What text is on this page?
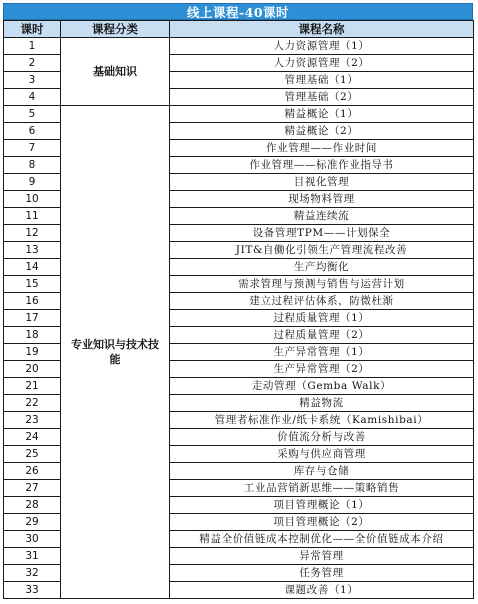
线上课程-40课时
课时	课程分类	课程名称
1	基础知识	人力资源管理（1）
2		人力资源管理（2）
3		管理基础（1）
4		管理基础（2）
5	专业知识与技术技能	精益概论（1）
6		精益概论（2）
7		作业管理——作业时间
8		作业管理——标准作业指导书
9		目视化管理
10		现场物料管理
11		精益连续流
12		设备管理TPM——计划保全
13		JIT&自働化引领生产管理流程改善
14		生产均衡化
15		需求管理与预测与销售与运营计划
16		建立过程评估体系，防微杜渐
17		过程质量管理（1）
18		过程质量管理（2）
19		生产异常管理（1）
20		生产异常管理（2）
21		走动管理（Gemba Walk）
22		精益物流
23		管理者标准作业/纸卡系统（Kamishibai）
24		价值流分析与改善
25		采购与供应商管理
26		库存与仓储
27		工业品营销新思维——策略销售
28		项目管理概论（1）
29		项目管理概论（2）
30		精益全价值链成本控制优化——全价值链成本介绍
31		异常管理
32		任务管理
33		课题改善（1）
